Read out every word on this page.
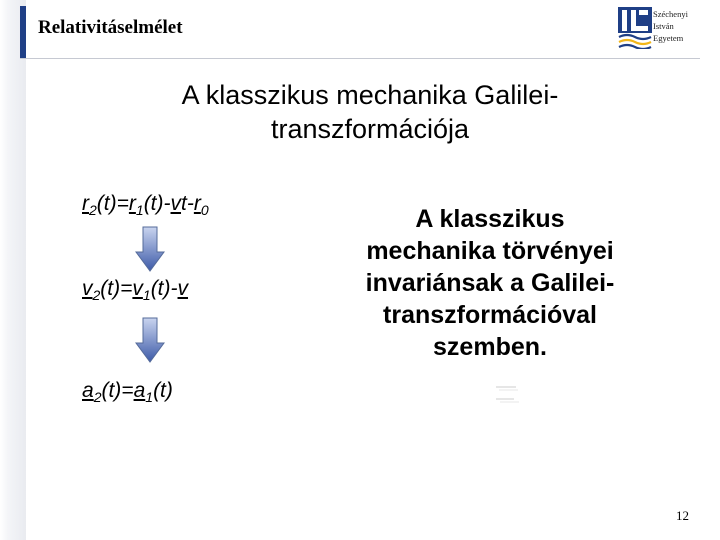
Relativitáselmélet
Széchenyi
István
Egyetem
A klasszikus mechanika Galilei-
transzformációja
$r_2(t)=r_1(t)-vt-r_0$
$v_2(t)=v_1(t)-v$
$a_2(t)=a_1(t)$
A klasszikus
mechanika törvényei
invariánsak a Galilei-
transzformációval
szemben.
12
